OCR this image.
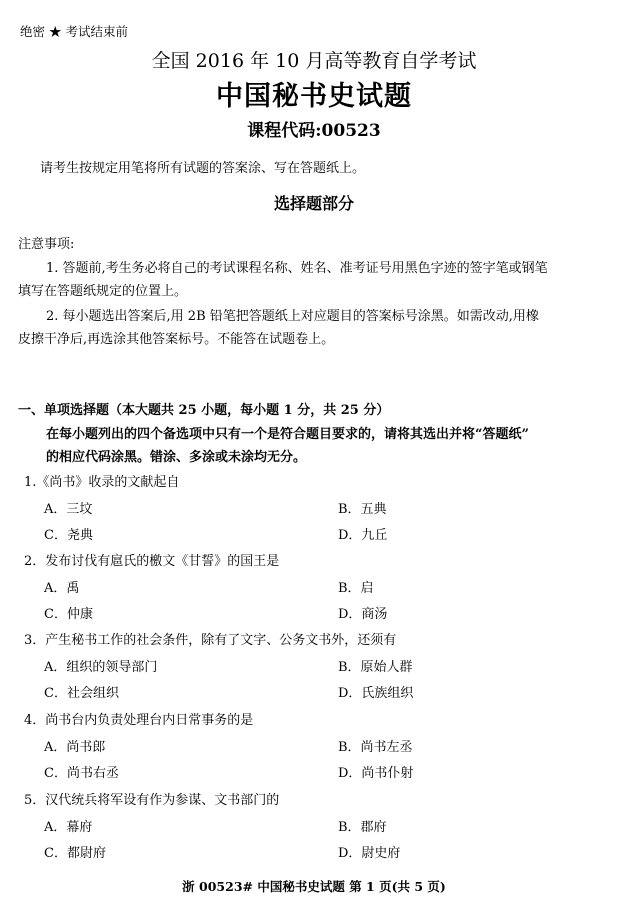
绝密 ★ 考试结束前
全国 2016 年 10 月高等教育自学考试
中国秘书史试题
课程代码:00523
请考生按规定用笔将所有试题的答案涂、写在答题纸上。
选择题部分
注意事项:
1. 答题前,考生务必将自己的考试课程名称、姓名、准考证号用黑色字迹的签字笔或钢笔
填写在答题纸规定的位置上。
2. 每小题选出答案后,用 2B 铅笔把答题纸上对应题目的答案标号涂黑。如需改动,用橡
皮擦干净后,再选涂其他答案标号。不能答在试题卷上。
一、单项选择题（本大题共 25 小题，每小题 1 分，共 25 分）
在每小题列出的四个备选项中只有一个是符合题目要求的，请将其选出并将“答题纸”
的相应代码涂黑。错涂、多涂或未涂均无分。
1.《尚书》收录的文献起自
A．三坟	B．五典
C．尧典	D．九丘
2．发布讨伐有扈氏的檄文《甘誓》的国王是
A．禹	B．启
C．仲康	D．商汤
3．产生秘书工作的社会条件，除有了文字、公务文书外，还须有
A．组织的领导部门	B．原始人群
C．社会组织	D．氏族组织
4．尚书台内负责处理台内日常事务的是
A．尚书郎	B．尚书左丞
C．尚书右丞	D．尚书仆射
5．汉代统兵将军设有作为参谋、文书部门的
A．幕府	B．郡府
C．都尉府	D．尉史府
浙 00523# 中国秘书史试题 第 1 页(共 5 页)
